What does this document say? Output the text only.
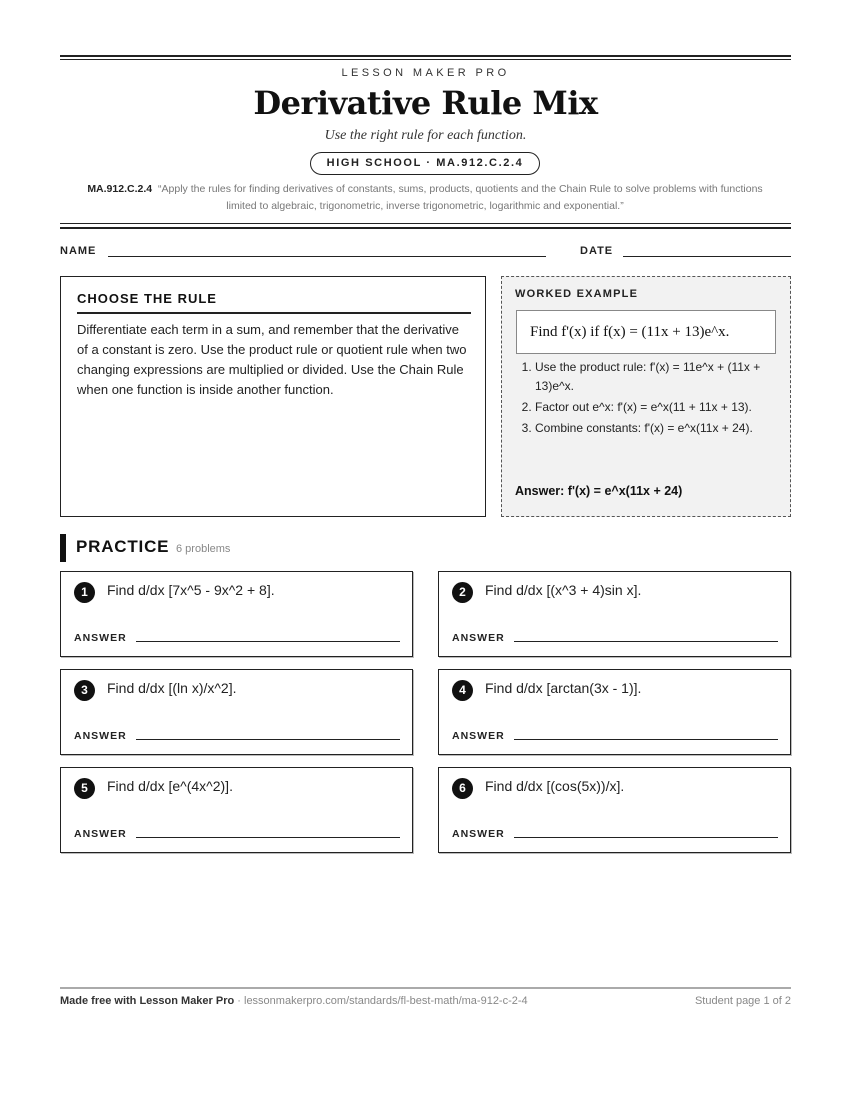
LESSON MAKER PRO
Derivative Rule Mix
Use the right rule for each function.
HIGH SCHOOL · MA.912.C.2.4
MA.912.C.2.4 “Apply the rules for finding derivatives of constants, sums, products, quotients and the Chain Rule to solve problems with functions limited to algebraic, trigonometric, inverse trigonometric, logarithmic and exponential.”
NAME	DATE
CHOOSE THE RULE
Differentiate each term in a sum, and remember that the derivative of a constant is zero. Use the product rule or quotient rule when two changing expressions are multiplied or divided. Use the Chain Rule when one function is inside another function.
WORKED EXAMPLE
Find f'(x) if f(x) = (11x + 13)e^x.
1. Use the product rule: f'(x) = 11e^x + (11x + 13)e^x.
2. Factor out e^x: f'(x) = e^x(11 + 11x + 13).
3. Combine constants: f'(x) = e^x(11x + 24).
Answer: f'(x) = e^x(11x + 24)
PRACTICE 6 problems
1	Find d/dx [7x^5 - 9x^2 + 8].
ANSWER
2	Find d/dx [(x^3 + 4)sin x].
ANSWER
3	Find d/dx [(ln x)/x^2].
ANSWER
4	Find d/dx [arctan(3x - 1)].
ANSWER
5	Find d/dx [e^(4x^2)].
ANSWER
6	Find d/dx [(cos(5x))/x].
ANSWER
Made free with Lesson Maker Pro · lessonmakerpro.com/standards/fl-best-math/ma-912-c-2-4	Student page 1 of 2
